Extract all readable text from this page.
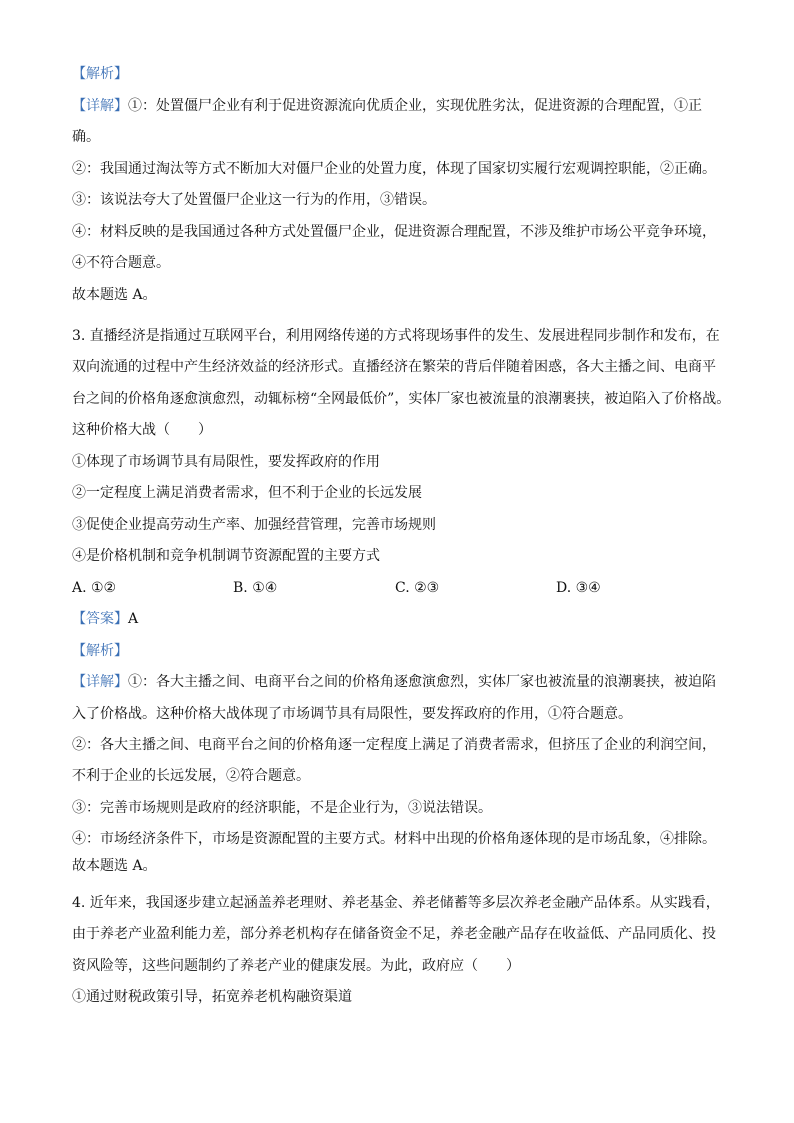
【解析】
【详解】①：处置僵尸企业有利于促进资源流向优质企业，实现优胜劣汰，促进资源的合理配置，①正
确。
②：我国通过淘汰等方式不断加大对僵尸企业的处置力度，体现了国家切实履行宏观调控职能，②正确。
③：该说法夸大了处置僵尸企业这一行为的作用，③错误。
④：材料反映的是我国通过各种方式处置僵尸企业，促进资源合理配置，不涉及维护市场公平竞争环境，
④不符合题意。
故本题选 A。
3. 直播经济是指通过互联网平台，利用网络传递的方式将现场事件的发生、发展进程同步制作和发布，在
双向流通的过程中产生经济效益的经济形式。直播经济在繁荣的背后伴随着困惑，各大主播之间、电商平
台之间的价格角逐愈演愈烈，动辄标榜“全网最低价”，实体厂家也被流量的浪潮裹挟，被迫陷入了价格战。
这种价格大战（　　）
①体现了市场调节具有局限性，要发挥政府的作用
②一定程度上满足消费者需求，但不利于企业的长远发展
③促使企业提高劳动生产率、加强经营管理，完善市场规则
④是价格机制和竞争机制调节资源配置的主要方式
A. ①②	B. ①④	C. ②③	D. ③④
【答案】A
【解析】
【详解】①：各大主播之间、电商平台之间的价格角逐愈演愈烈，实体厂家也被流量的浪潮裹挟，被迫陷
入了价格战。这种价格大战体现了市场调节具有局限性，要发挥政府的作用，①符合题意。
②：各大主播之间、电商平台之间的价格角逐一定程度上满足了消费者需求，但挤压了企业的利润空间，
不利于企业的长远发展，②符合题意。
③：完善市场规则是政府的经济职能，不是企业行为，③说法错误。
④：市场经济条件下，市场是资源配置的主要方式。材料中出现的价格角逐体现的是市场乱象，④排除。
故本题选 A。
4. 近年来，我国逐步建立起涵盖养老理财、养老基金、养老储蓄等多层次养老金融产品体系。从实践看，
由于养老产业盈利能力差，部分养老机构存在储备资金不足，养老金融产品存在收益低、产品同质化、投
资风险等，这些问题制约了养老产业的健康发展。为此，政府应（　　）
①通过财税政策引导，拓宽养老机构融资渠道
